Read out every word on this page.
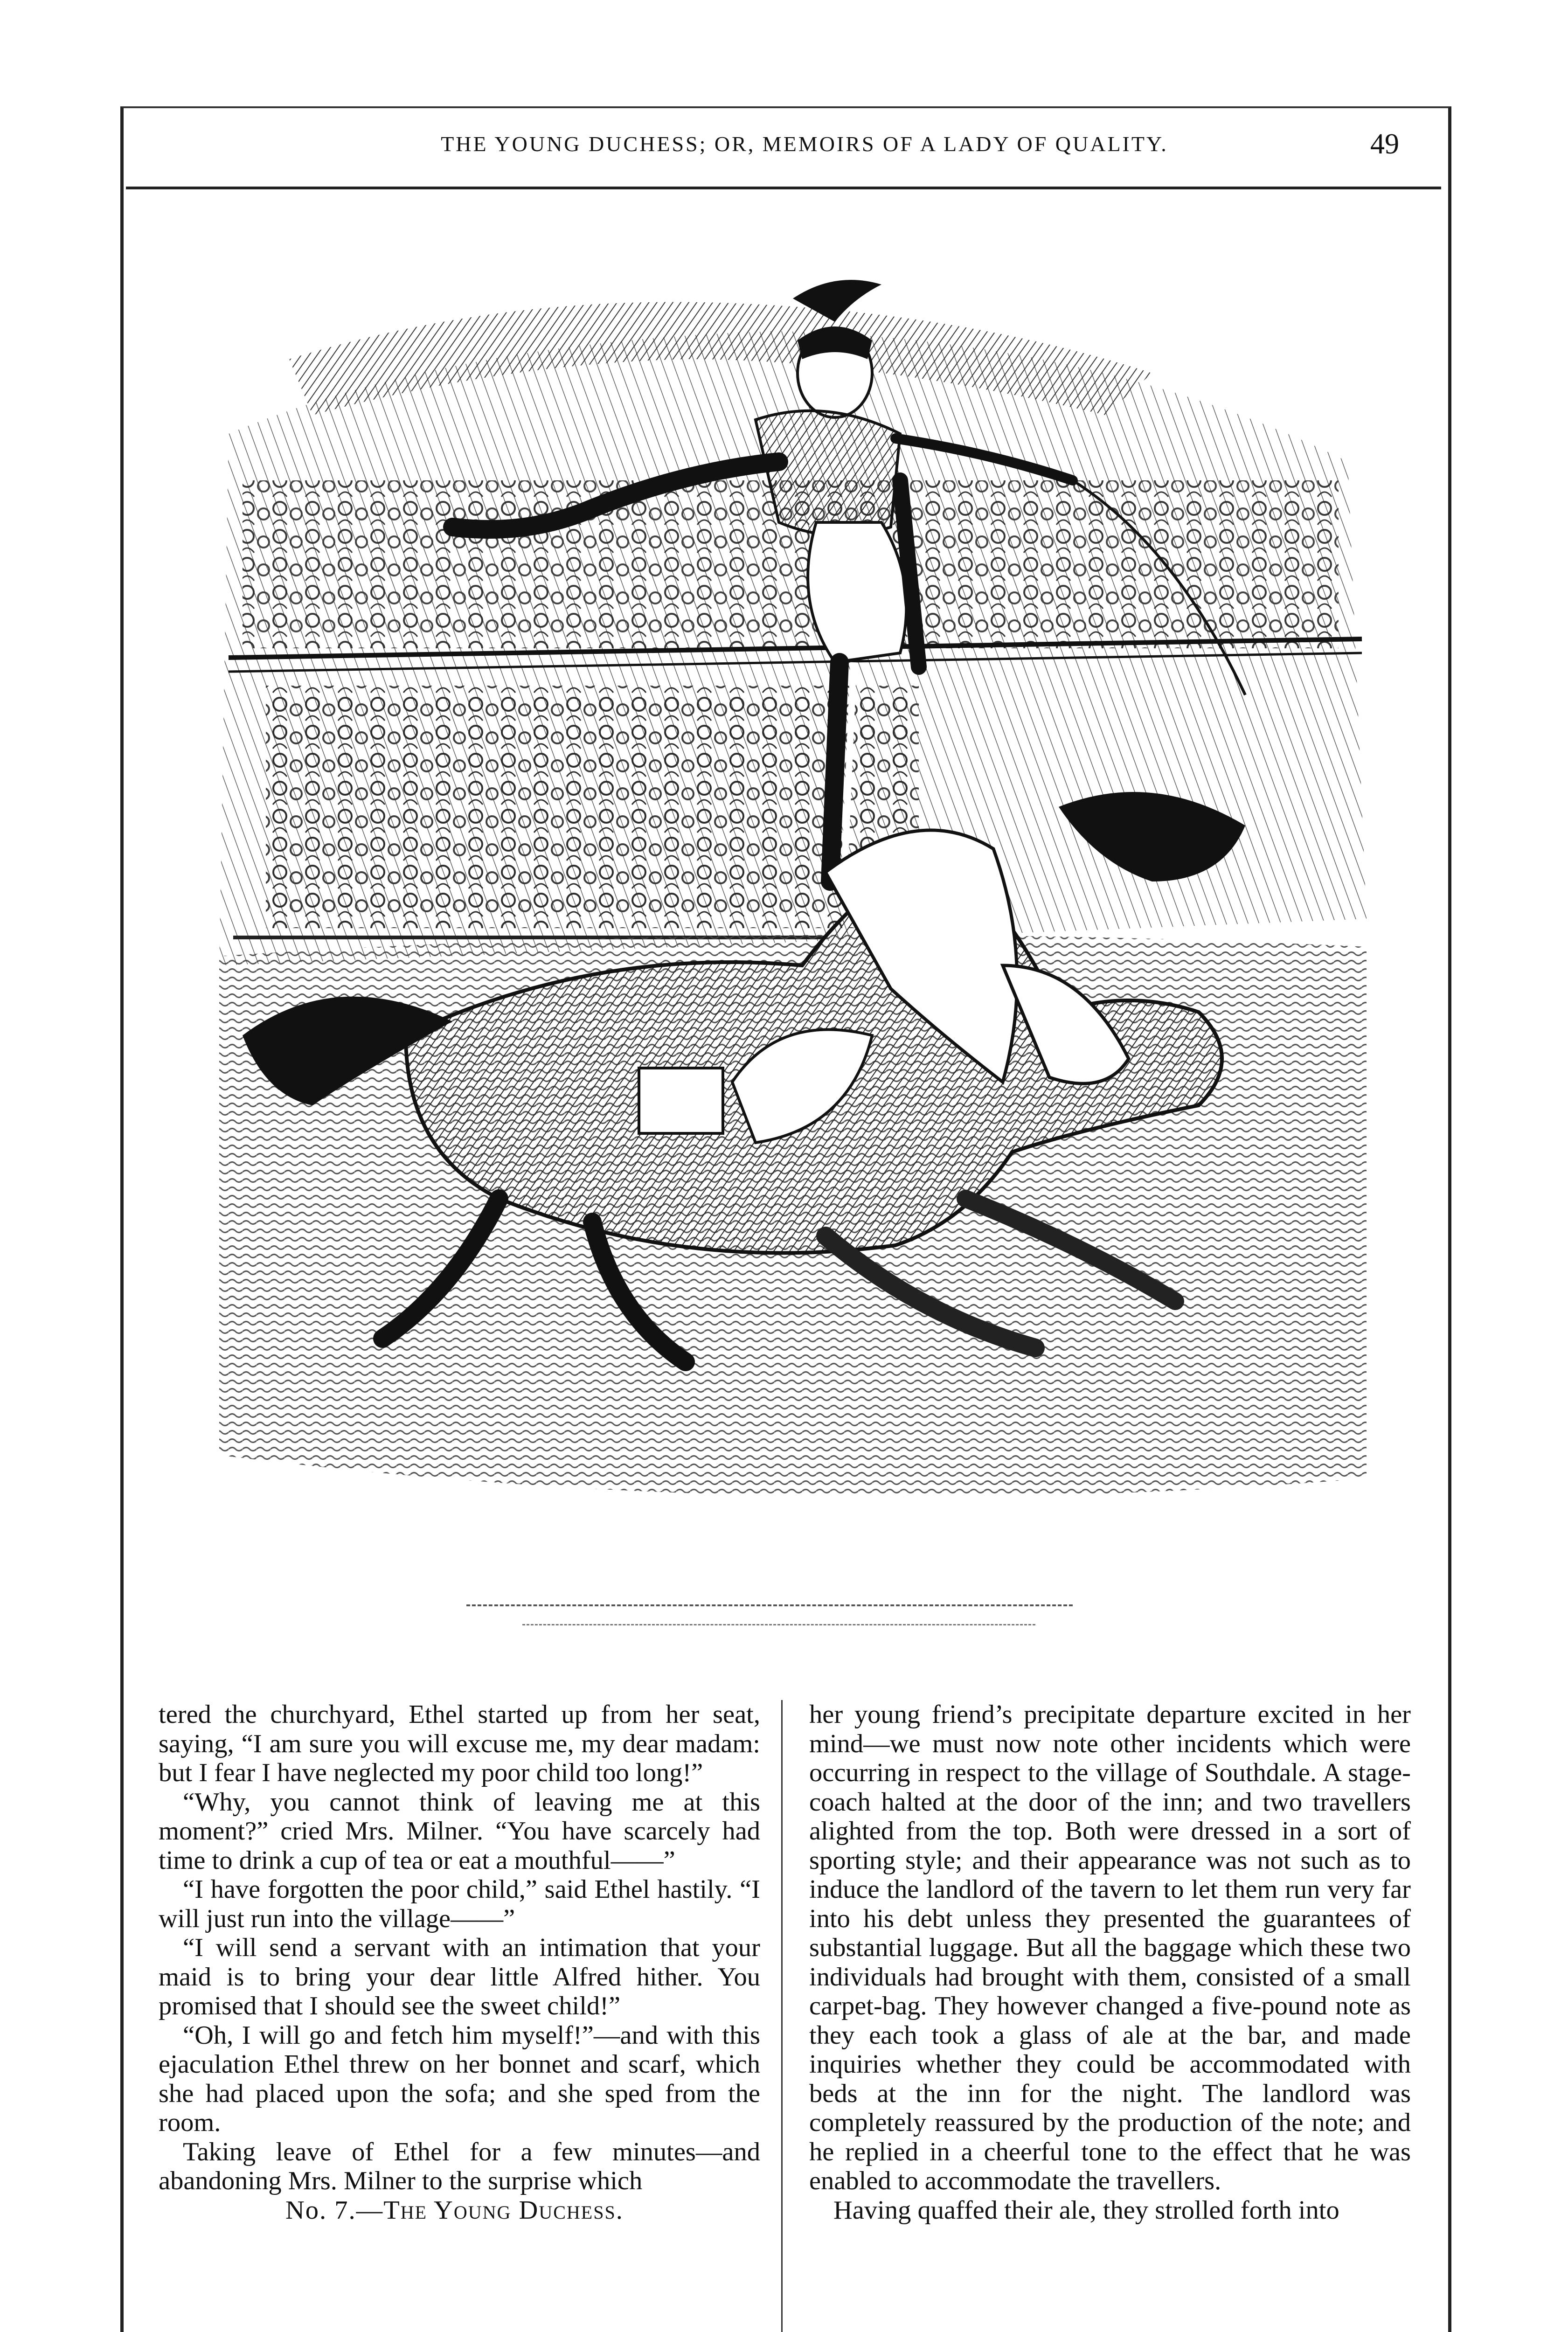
THE YOUNG DUCHESS; OR, MEMOIRS OF A LADY OF QUALITY.	49

tered the churchyard, Ethel started up from her seat, saying, “I am sure you will excuse me, my dear madam: but I fear I have neglected my poor child too long!”

“Why, you cannot think of leaving me at this moment?” cried Mrs. Milner. “You have scarcely had time to drink a cup of tea or eat a mouthful——”

“I have forgotten the poor child,” said Ethel hastily. “I will just run into the village——”

“I will send a servant with an intimation that your maid is to bring your dear little Alfred hither. You promised that I should see the sweet child!”

“Oh, I will go and fetch him myself!”—and with this ejaculation Ethel threw on her bonnet and scarf, which she had placed upon the sofa; and she sped from the room.

Taking leave of Ethel for a few minutes—and abandoning Mrs. Milner to the surprise which

No. 7.—The Young Duchess.

her young friend’s precipitate departure excited in her mind—we must now note other incidents which were occurring in respect to the village of Southdale. A stage-coach halted at the door of the inn; and two travellers alighted from the top. Both were dressed in a sort of sporting style; and their appearance was not such as to induce the landlord of the tavern to let them run very far into his debt unless they presented the guarantees of substantial luggage. But all the baggage which these two individuals had brought with them, consisted of a small carpet-bag. They however changed a five-pound note as they each took a glass of ale at the bar, and made inquiries whether they could be accommodated with beds at the inn for the night. The landlord was completely reassured by the production of the note; and he replied in a cheerful tone to the effect that he was enabled to accommodate the travellers.

Having quaffed their ale, they strolled forth into
